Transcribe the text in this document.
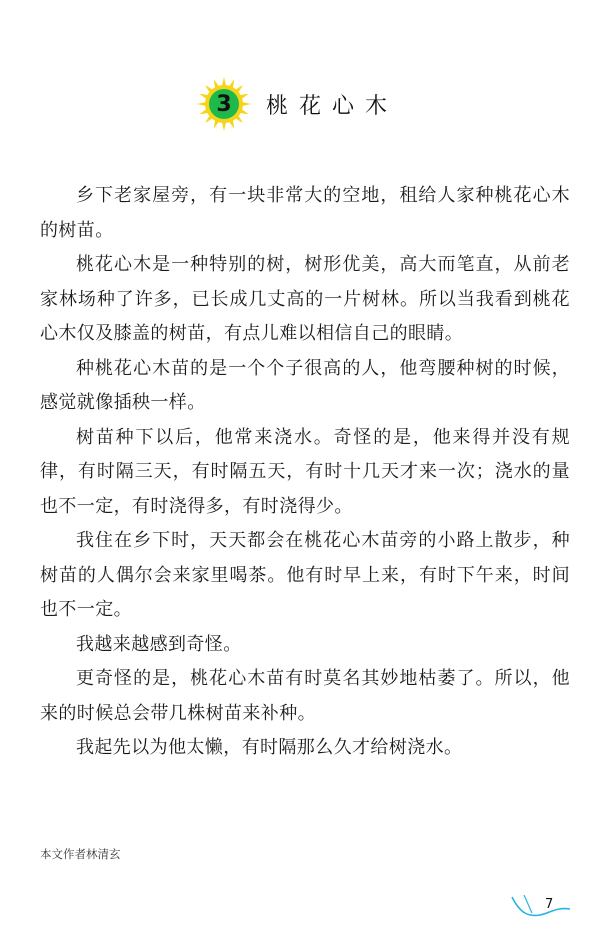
3	桃花心木

乡下老家屋旁，有一块非常大的空地，租给人家种桃花心木的树苗。

桃花心木是一种特别的树，树形优美，高大而笔直，从前老家林场种了许多，已长成几丈高的一片树林。所以当我看到桃花心木仅及膝盖的树苗，有点儿难以相信自己的眼睛。

种桃花心木苗的是一个个子很高的人，他弯腰种树的时候，感觉就像插秧一样。

树苗种下以后，他常来浇水。奇怪的是，他来得并没有规律，有时隔三天，有时隔五天，有时十几天才来一次；浇水的量也不一定，有时浇得多，有时浇得少。

我住在乡下时，天天都会在桃花心木苗旁的小路上散步，种树苗的人偶尔会来家里喝茶。他有时早上来，有时下午来，时间也不一定。

我越来越感到奇怪。

更奇怪的是，桃花心木苗有时莫名其妙地枯萎了。所以，他来的时候总会带几株树苗来补种。

我起先以为他太懒，有时隔那么久才给树浇水。

本文作者林清玄
7
